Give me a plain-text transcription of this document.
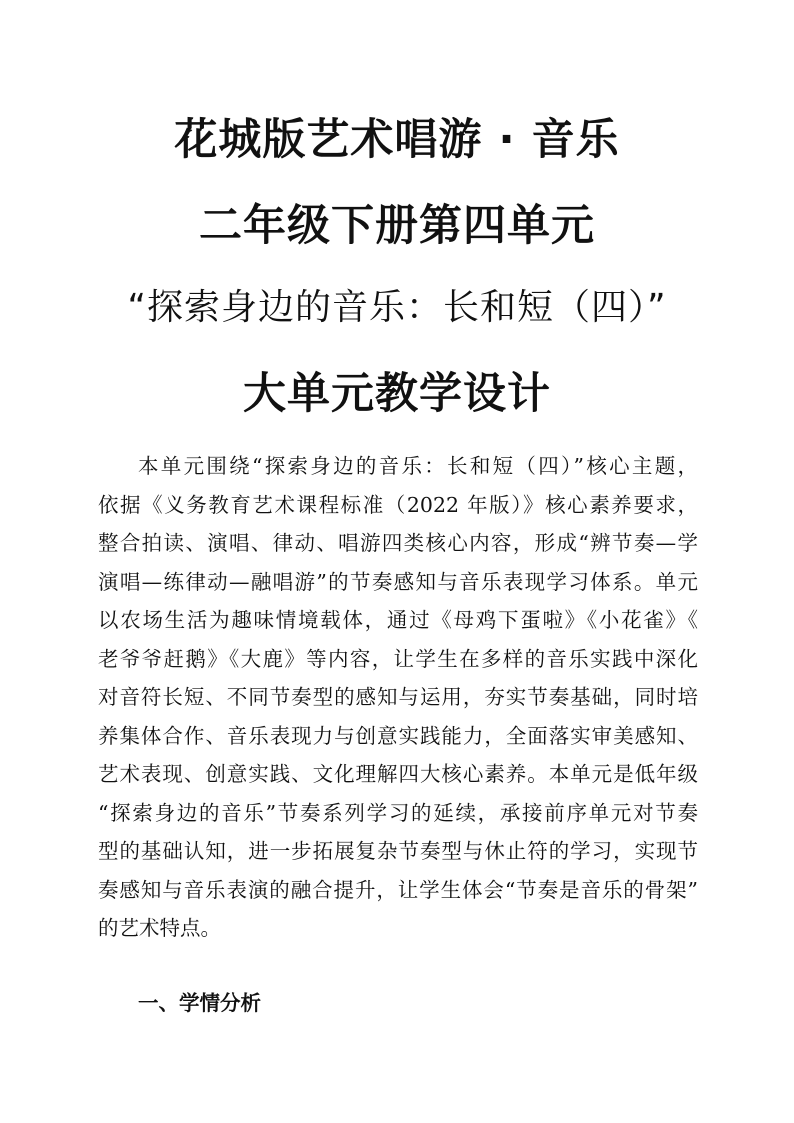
花城版艺术唱游 · 音乐
二年级下册第四单元
“探索身边的音乐：长和短（四）”
大单元教学设计
本单元围绕“探索身边的音乐：长和短（四）”核心主题，
依据《义务教育艺术课程标准（2022 年版）》核心素养要求，
整合拍读、演唱、律动、唱游四类核心内容，形成“辨节奏—学
演唱—练律动—融唱游”的节奏感知与音乐表现学习体系。单元
以农场生活为趣味情境载体，通过《母鸡下蛋啦》《小花雀》《
老爷爷赶鹅》《大鹿》等内容，让学生在多样的音乐实践中深化
对音符长短、不同节奏型的感知与运用，夯实节奏基础，同时培
养集体合作、音乐表现力与创意实践能力，全面落实审美感知、
艺术表现、创意实践、文化理解四大核心素养。本单元是低年级
“探索身边的音乐”节奏系列学习的延续，承接前序单元对节奏
型的基础认知，进一步拓展复杂节奏型与休止符的学习，实现节
奏感知与音乐表演的融合提升，让学生体会“节奏是音乐的骨架”
的艺术特点。
一、学情分析
